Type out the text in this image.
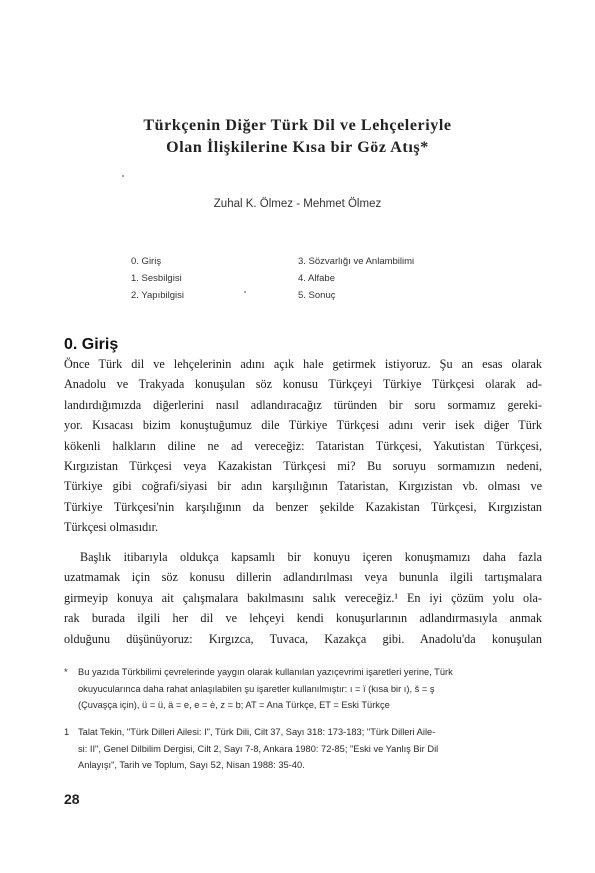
Türkçenin Diğer Türk Dil ve Lehçeleriyle
Olan İlişkilerine Kısa bir Göz Atış*
Zuhal K. Ölmez - Mehmet Ölmez
0. Giriş
1. Sesbilgisi
2. Yapıbilgisi
3. Sözvarlığı ve Anlambilimi
4. Alfabe
5. Sonuç
0. Giriş
Önce Türk dil ve lehçelerinin adını açık hale getirmek istiyoruz. Şu an esas olarak
Anadolu ve Trakyada konuşulan söz konusu Türkçeyi Türkiye Türkçesi olarak ad-
landırdığımızda diğerlerini nasıl adlandıracağız türünden bir soru sormamız gereki-
yor. Kısacası bizim konuştuğumuz dile Türkiye Türkçesi adını verir isek diğer Türk
kökenli halkların diline ne ad vereceğiz: Tataristan Türkçesi, Yakutistan Türkçesi,
Kırgızistan Türkçesi veya Kazakistan Türkçesi mi? Bu soruyu sormamızın nedeni,
Türkiye gibi coğrafi/siyasi bir adın karşılığının Tataristan, Kırgızistan vb. olması ve
Türkiye Türkçesi'nin karşılığının da benzer şekilde Kazakistan Türkçesi, Kırgızistan
Türkçesi olmasıdır.
Başlık itibarıyla oldukça kapsamlı bir konuyu içeren konuşmamızı daha fazla
uzatmamak için söz konusu dillerin adlandırılması veya bununla ilgili tartışmalara
girmeyip konuya ait çalışmalara bakılmasını salık vereceğiz.¹ En iyi çözüm yolu ola-
rak burada ilgili her dil ve lehçeyi kendi konuşurlarının adlandırmasıyla anmak
olduğunu düşünüyoruz: Kırgızca, Tuvaca, Kazakça gibi. Anadolu'da konuşulan
* Bu yazıda Türkbilimi çevrelerinde yaygın olarak kullanılan yazıçevrimi işaretleri yerine, Türk
okuyucularınca daha rahat anlaşılabilen şu işaretler kullanılmıştır: ı = ï (kısa bir ı), š = ş
(Çuvaşça için), ü = ü, ä = e, e = ė, z = b; AT = Ana Türkçe, ET = Eski Türkçe
1 Talat Tekin, "Türk Dilleri Ailesi: I", Türk Dili, Cilt 37, Sayı 318: 173-183; "Türk Dilleri Aile-
si: II", Genel Dilbilim Dergisi, Cilt 2, Sayı 7-8, Ankara 1980: 72-85; "Eski ve Yanlış Bir Dil
Anlayışı", Tarih ve Toplum, Sayı 52, Nisan 1988: 35-40.
28
